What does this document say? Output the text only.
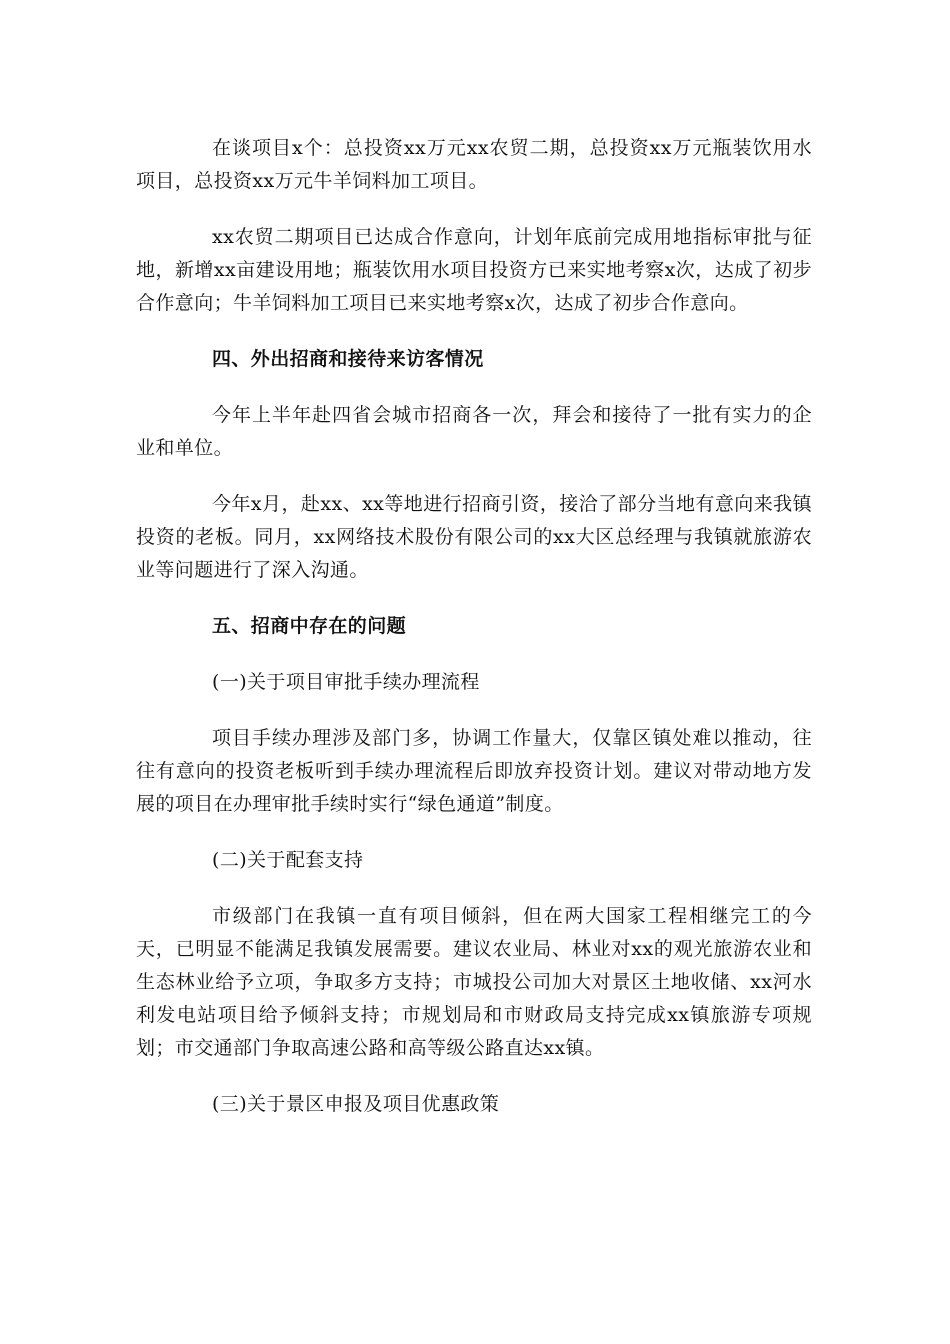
在谈项目x个：总投资xx万元xx农贸二期，总投资xx万元瓶装饮用水项目，总投资xx万元牛羊饲料加工项目。

xx农贸二期项目已达成合作意向，计划年底前完成用地指标审批与征地，新增xx亩建设用地；瓶装饮用水项目投资方已来实地考察x次，达成了初步合作意向；牛羊饲料加工项目已来实地考察x次，达成了初步合作意向。

四、外出招商和接待来访客情况

今年上半年赴四省会城市招商各一次，拜会和接待了一批有实力的企业和单位。

今年x月，赴xx、xx等地进行招商引资，接洽了部分当地有意向来我镇投资的老板。同月，xx网络技术股份有限公司的xx大区总经理与我镇就旅游农业等问题进行了深入沟通。

五、招商中存在的问题

(一)关于项目审批手续办理流程

项目手续办理涉及部门多，协调工作量大，仅靠区镇处难以推动，往往有意向的投资老板听到手续办理流程后即放弃投资计划。建议对带动地方发展的项目在办理审批手续时实行“绿色通道”制度。

(二)关于配套支持

市级部门在我镇一直有项目倾斜，但在两大国家工程相继完工的今天，已明显不能满足我镇发展需要。建议农业局、林业对xx的观光旅游农业和生态林业给予立项，争取多方支持；市城投公司加大对景区土地收储、xx河水利发电站项目给予倾斜支持；市规划局和市财政局支持完成xx镇旅游专项规划；市交通部门争取高速公路和高等级公路直达xx镇。

(三)关于景区申报及项目优惠政策
